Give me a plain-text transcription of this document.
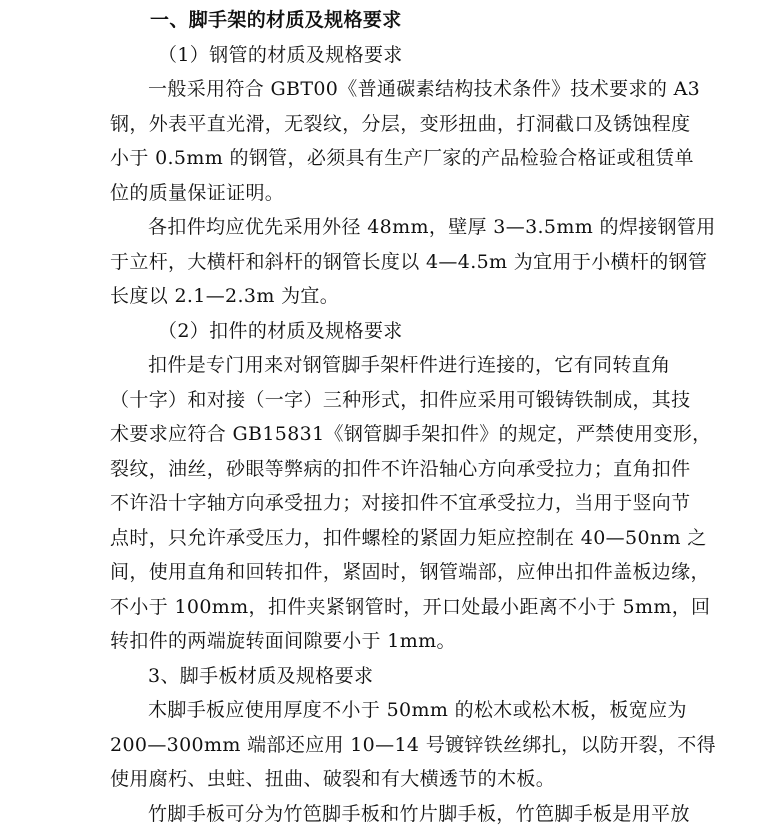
一、脚手架的材质及规格要求
（1）钢管的材质及规格要求
一般采用符合 GBT00《普通碳素结构技术条件》技术要求的 A3
钢，外表平直光滑，无裂纹，分层，变形扭曲，打洞截口及锈蚀程度
小于 0.5mm 的钢管，必须具有生产厂家的产品检验合格证或租赁单
位的质量保证证明。
各扣件均应优先采用外径 48mm，壁厚 3—3.5mm 的焊接钢管用
于立杆，大横杆和斜杆的钢管长度以 4—4.5m 为宜用于小横杆的钢管
长度以 2.1—2.3m 为宜。
（2）扣件的材质及规格要求
扣件是专门用来对钢管脚手架杆件进行连接的，它有同转直角
（十字）和对接（一字）三种形式，扣件应采用可锻铸铁制成，其技
术要求应符合 GB15831《钢管脚手架扣件》的规定，严禁使用变形，
裂纹，油丝，砂眼等弊病的扣件不许沿轴心方向承受拉力；直角扣件
不许沿十字轴方向承受扭力；对接扣件不宜承受拉力，当用于竖向节
点时，只允许承受压力，扣件螺栓的紧固力矩应控制在 40—50nm 之
间，使用直角和回转扣件，紧固时，钢管端部，应伸出扣件盖板边缘，
不小于 100mm，扣件夹紧钢管时，开口处最小距离不小于 5mm，回
转扣件的两端旋转面间隙要小于 1mm。
3、脚手板材质及规格要求
木脚手板应使用厚度不小于 50mm 的松木或松木板，板宽应为
200—300mm 端部还应用 10—14 号镀锌铁丝绑扎，以防开裂，不得
使用腐朽、虫蛀、扭曲、破裂和有大横透节的木板。
竹脚手板可分为竹笆脚手板和竹片脚手板，竹笆脚手板是用平放
